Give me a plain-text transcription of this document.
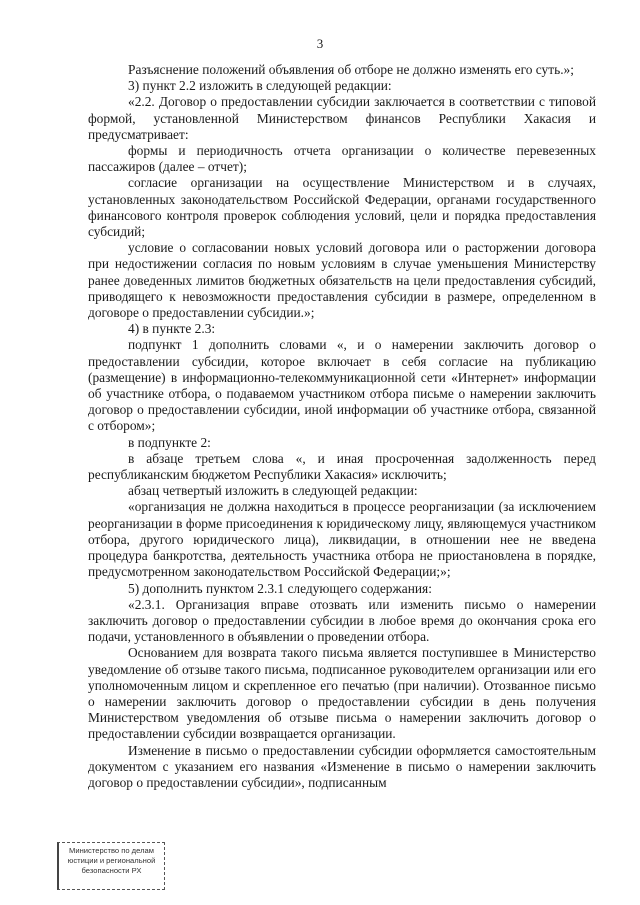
3

Разъяснение положений объявления об отборе не должно изменять его суть.»;

3) пункт 2.2 изложить в следующей редакции:

«2.2. Договор о предоставлении субсидии заключается в соответствии с типовой формой, установленной Министерством финансов Республики Хакасия и предусматривает:

формы и периодичность отчета организации о количестве перевезенных пассажиров (далее – отчет);

согласие организации на осуществление Министерством и в случаях, установленных законодательством Российской Федерации, органами государственного финансового контроля проверок соблюдения условий, цели и порядка предоставления субсидий;

условие о согласовании новых условий договора или о расторжении договора при недостижении согласия по новым условиям в случае уменьшения Министерству ранее доведенных лимитов бюджетных обязательств на цели предоставления субсидий, приводящего к невозможности предоставления субсидии в размере, определенном в договоре о предоставлении субсидии.»;

4) в пункте 2.3:

подпункт 1 дополнить словами «, и о намерении заключить договор о предоставлении субсидии, которое включает в себя согласие на публикацию (размещение) в информационно-телекоммуникационной сети «Интернет» информации об участнике отбора, о подаваемом участником отбора письме о намерении заключить договор о предоставлении субсидии, иной информации об участнике отбора, связанной с отбором»;

в подпункте 2:

в абзаце третьем слова «, и иная просроченная задолженность перед республиканским бюджетом Республики Хакасия» исключить;

абзац четвертый изложить в следующей редакции:

«организация не должна находиться в процессе реорганизации (за исключением реорганизации в форме присоединения к юридическому лицу, являющемуся участником отбора, другого юридического лица), ликвидации, в отношении нее не введена процедура банкротства, деятельность участника отбора не приостановлена в порядке, предусмотренном законодательством Российской Федерации;»;

5) дополнить пунктом 2.3.1 следующего содержания:

«2.3.1. Организация вправе отозвать или изменить письмо о намерении заключить договор о предоставлении субсидии в любое время до окончания срока его подачи, установленного в объявлении о проведении отбора.

Основанием для возврата такого письма является поступившее в Министерство уведомление об отзыве такого письма, подписанное руководителем организации или его уполномоченным лицом и скрепленное его печатью (при наличии). Отозванное письмо о намерении заключить договор о предоставлении субсидии в день получения Министерством уведомления об отзыве письма о намерении заключить договор о предоставлении субсидии возвращается организации.

Изменение в письмо о предоставлении субсидии оформляется самостоятельным документом с указанием его названия «Изменение в письмо о намерении заключить договор о предоставлении субсидии», подписанным

Министерство по делам
юстиции и региональной
безопасности РХ
